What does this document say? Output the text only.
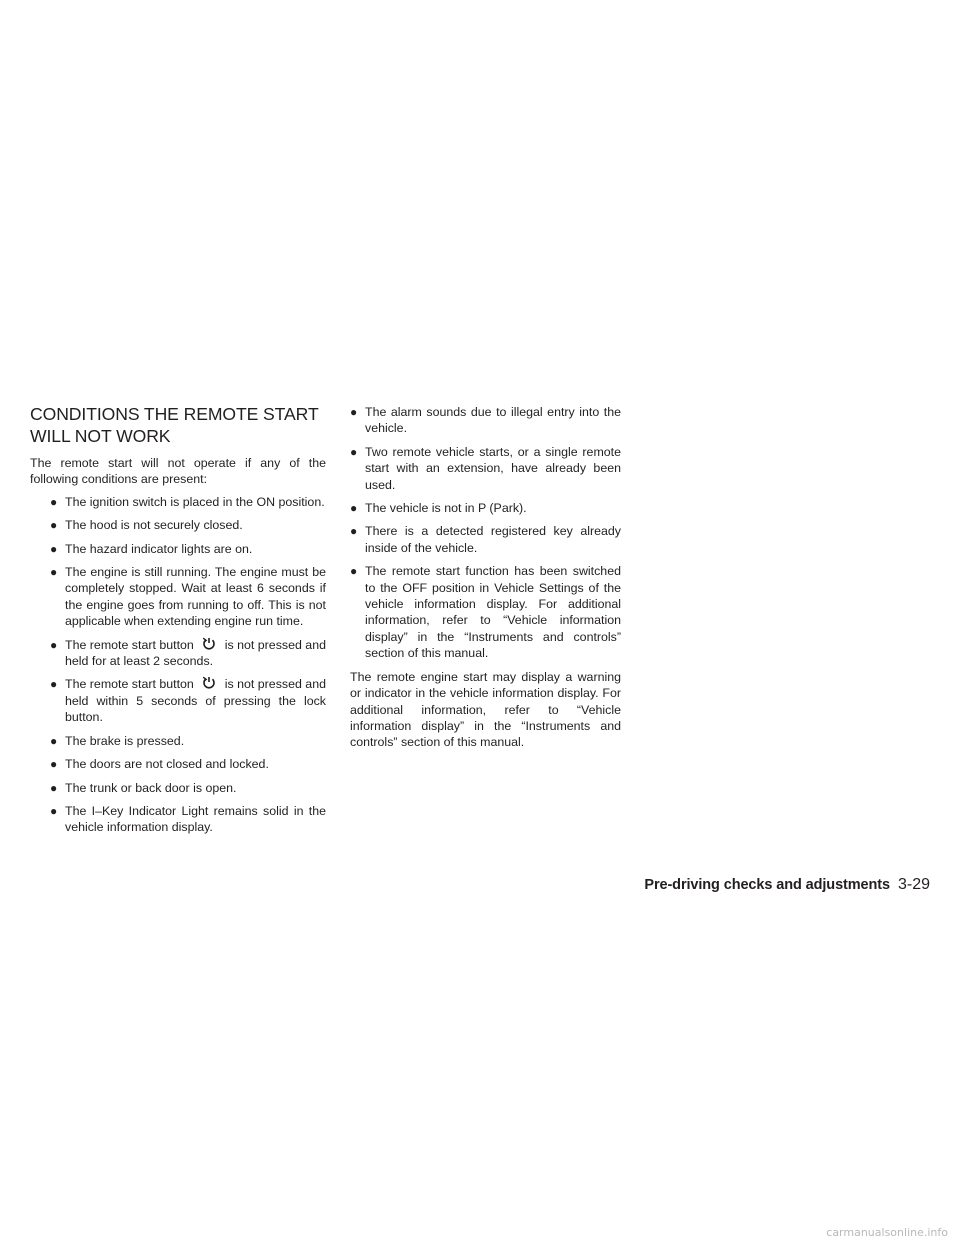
CONDITIONS THE REMOTE START WILL NOT WORK

The remote start will not operate if any of the following conditions are present:

● The ignition switch is placed in the ON position.
● The hood is not securely closed.
● The hazard indicator lights are on.
● The engine is still running. The engine must be completely stopped. Wait at least 6 seconds if the engine goes from running to off. This is not applicable when extending engine run time.
● The remote start button is not pressed and held for at least 2 seconds.
● The remote start button is not pressed and held within 5 seconds of pressing the lock button.
● The brake is pressed.
● The doors are not closed and locked.
● The trunk or back door is open.
● The I–Key Indicator Light remains solid in the vehicle information display.
● The alarm sounds due to illegal entry into the vehicle.
● Two remote vehicle starts, or a single remote start with an extension, have already been used.
● The vehicle is not in P (Park).
● There is a detected registered key already inside of the vehicle.
● The remote start function has been switched to the OFF position in Vehicle Settings of the vehicle information display. For additional information, refer to “Vehicle information display” in the “Instruments and controls” section of this manual.

The remote engine start may display a warning or indicator in the vehicle information display. For additional information, refer to “Vehicle information display” in the “Instruments and controls” section of this manual.

Pre-driving checks and adjustments 3-29
carmanualsonline.info
